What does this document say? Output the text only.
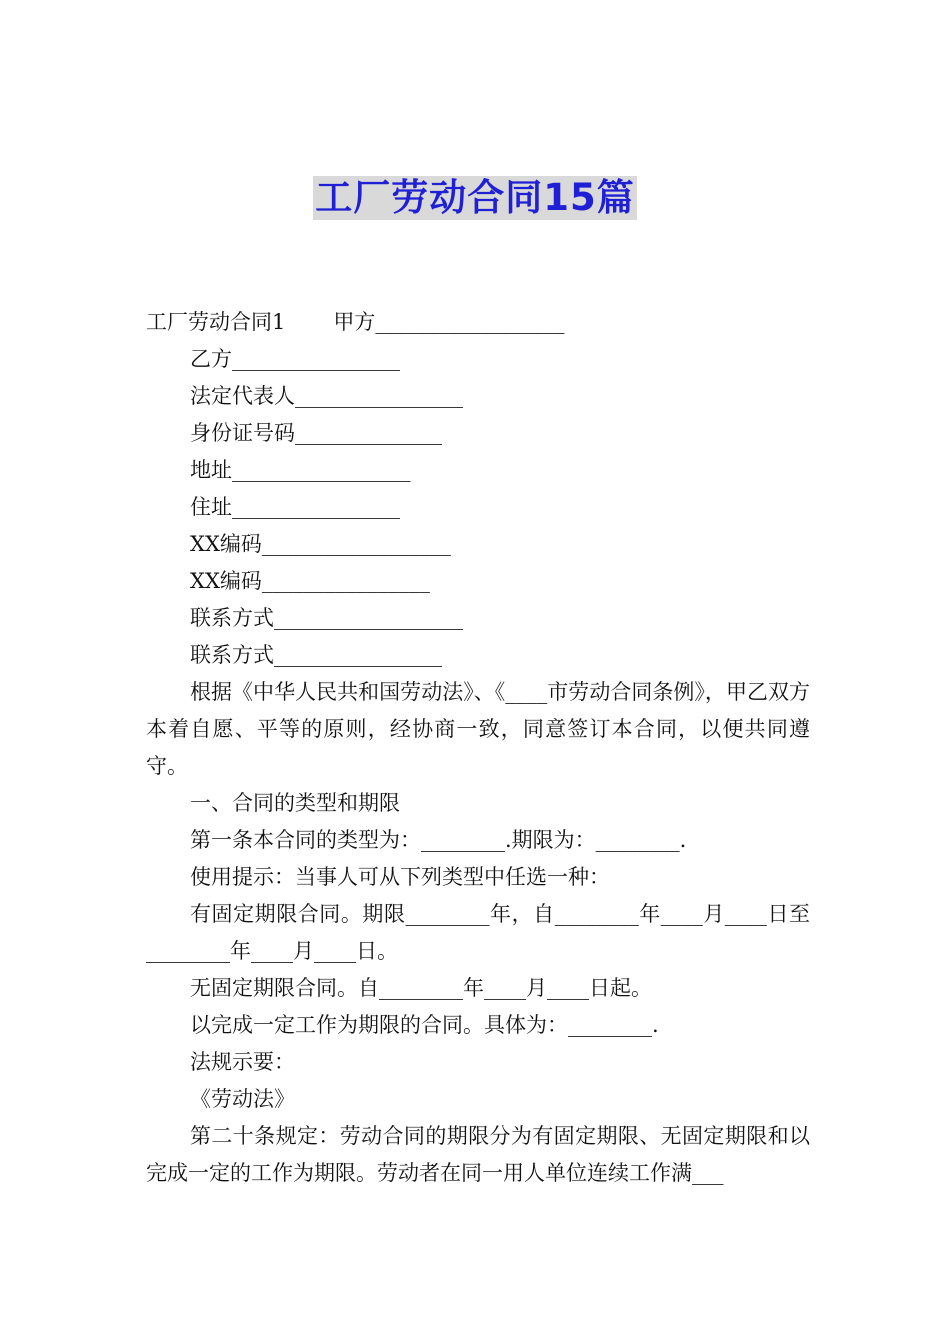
工厂劳动合同15篇
工厂劳动合同1 甲方__________________
乙方________________
法定代表人________________
身份证号码______________
地址_________________
住址________________
XX编码__________________
XX编码________________
联系方式__________________
联系方式________________
根据《中华人民共和国劳动法》、《____市劳动合同条例》，甲乙双方本着自愿、平等的原则，经协商一致，同意签订本合同，以便共同遵守。
一、合同的类型和期限
第一条本合同的类型为：________.期限为：________.
使用提示：当事人可从下列类型中任选一种：
有固定期限合同。期限________年，自________年____月____日至________年____月____日。
无固定期限合同。自________年____月____日起。
以完成一定工作为期限的合同。具体为：________.
法规示要：
《劳动法》
第二十条规定：劳动合同的期限分为有固定期限、无固定期限和以完成一定的工作为期限。劳动者在同一用人单位连续工作满___
